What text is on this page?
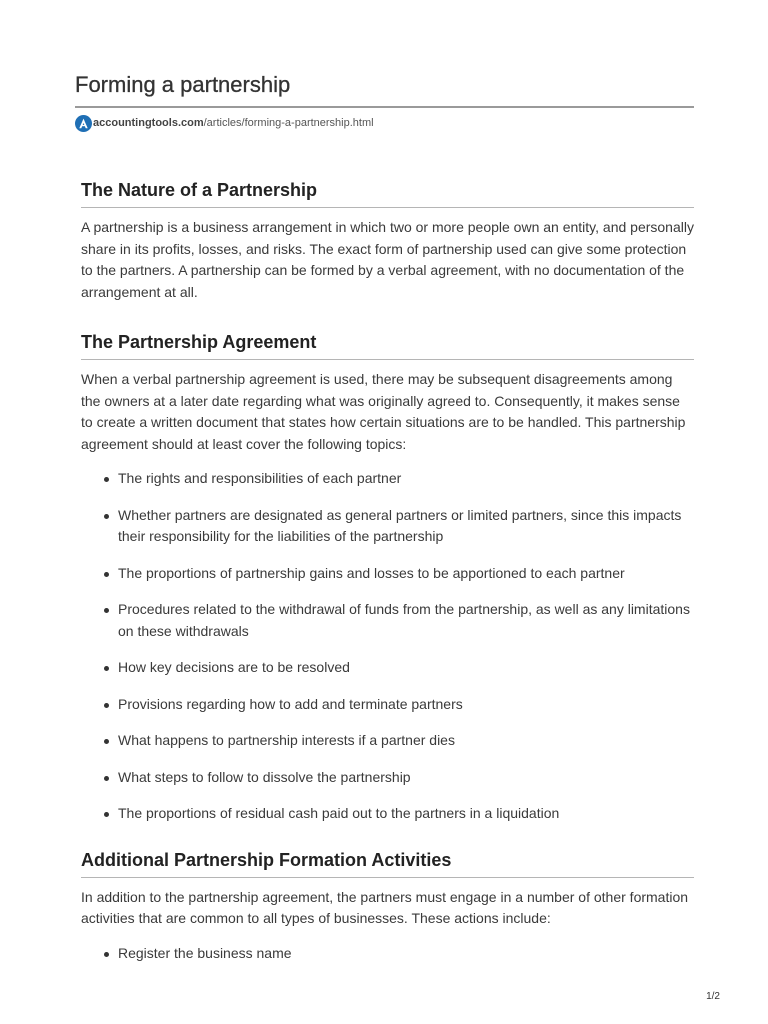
Forming a partnership
accountingtools.com /articles/forming-a-partnership.html
The Nature of a Partnership

A partnership is a business arrangement in which two or more people own an entity, and personally share in its profits, losses, and risks. The exact form of partnership used can give some protection to the partners. A partnership can be formed by a verbal agreement, with no documentation of the arrangement at all.

The Partnership Agreement

When a verbal partnership agreement is used, there may be subsequent disagreements among the owners at a later date regarding what was originally agreed to. Consequently, it makes sense to create a written document that states how certain situations are to be handled. This partnership agreement should at least cover the following topics:

The rights and responsibilities of each partner
Whether partners are designated as general partners or limited partners, since this impacts their responsibility for the liabilities of the partnership
The proportions of partnership gains and losses to be apportioned to each partner
Procedures related to the withdrawal of funds from the partnership, as well as any limitations on these withdrawals
How key decisions are to be resolved
Provisions regarding how to add and terminate partners
What happens to partnership interests if a partner dies
What steps to follow to dissolve the partnership
The proportions of residual cash paid out to the partners in a liquidation
Additional Partnership Formation Activities

In addition to the partnership agreement, the partners must engage in a number of other formation activities that are common to all types of businesses. These actions include:

Register the business name
1/2
